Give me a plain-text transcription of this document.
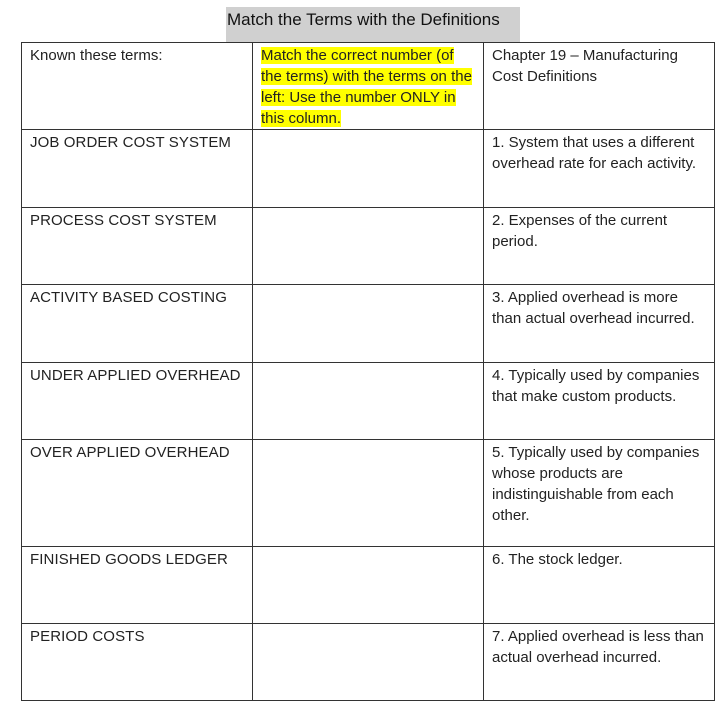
Match the Terms with the Definitions
Known these terms:	Match the correct number (of the terms) with the terms on the left: Use the number ONLY in this column.	Chapter 19 – Manufacturing Cost Definitions
JOB ORDER COST SYSTEM		1. System that uses a different overhead rate for each activity.
PROCESS COST SYSTEM		2. Expenses of the current period.
ACTIVITY BASED COSTING		3. Applied overhead is more than actual overhead incurred.
UNDER APPLIED OVERHEAD		4. Typically used by companies that make custom products.
OVER APPLIED OVERHEAD		5. Typically used by companies whose products are indistinguishable from each other.
FINISHED GOODS LEDGER		6. The stock ledger.
PERIOD COSTS		7. Applied overhead is less than actual overhead incurred.
